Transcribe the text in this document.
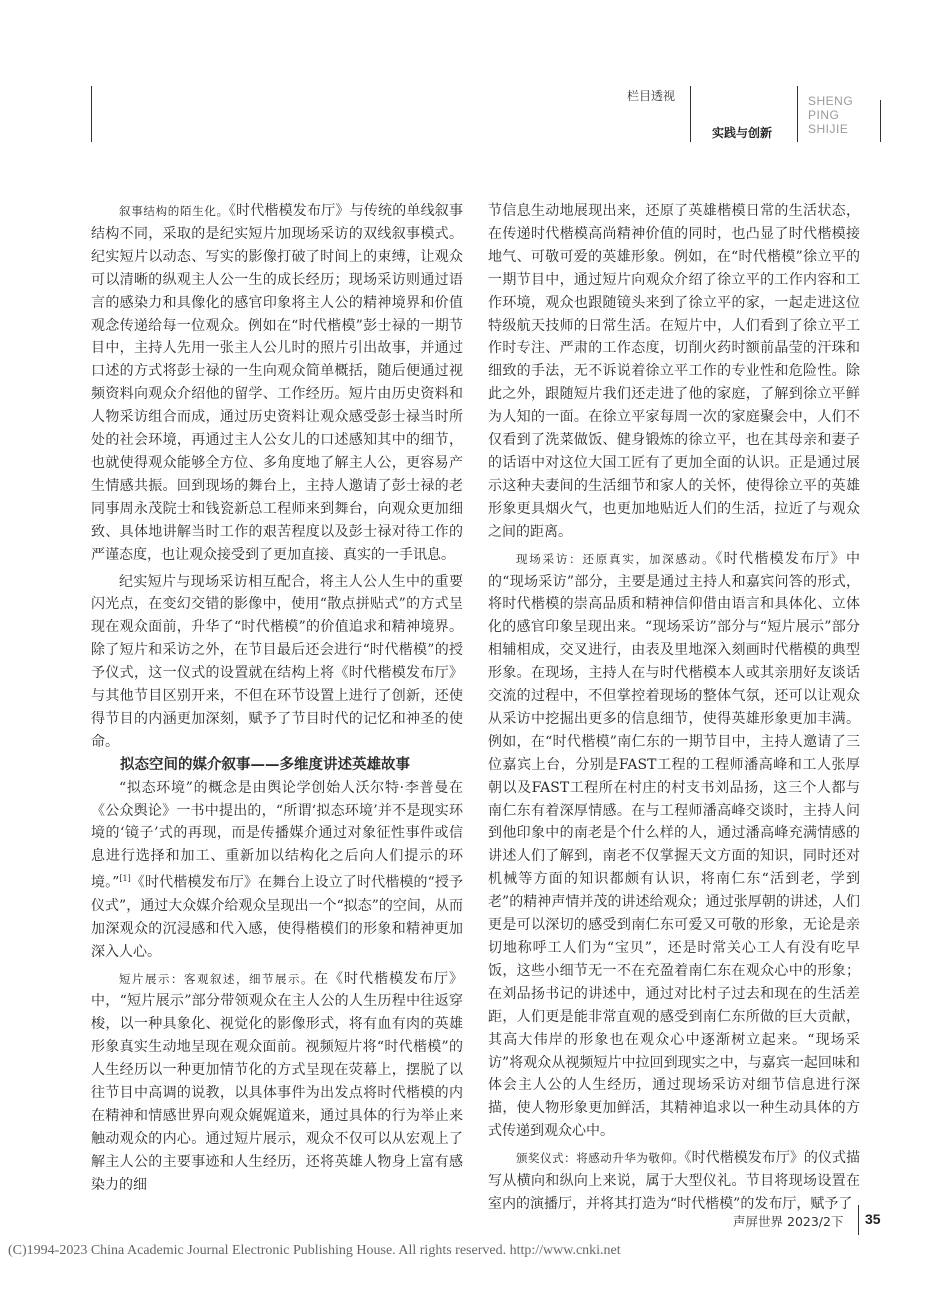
栏目透视
实践与创新
SHENG
PING
SHIJIE

叙事结构的陌生化。《时代楷模发布厅》与传统的单线叙事结构不同，采取的是纪实短片加现场采访的双线叙事模式。纪实短片以动态、写实的影像打破了时间上的束缚，让观众可以清晰的纵观主人公一生的成长经历；现场采访则通过语言的感染力和具像化的感官印象将主人公的精神境界和价值观念传递给每一位观众。例如在“时代楷模”彭士禄的一期节目中，主持人先用一张主人公儿时的照片引出故事，并通过口述的方式将彭士禄的一生向观众简单概括，随后便通过视频资料向观众介绍他的留学、工作经历。短片由历史资料和人物采访组合而成，通过历史资料让观众感受彭士禄当时所处的社会环境，再通过主人公女儿的口述感知其中的细节，也就使得观众能够全方位、多角度地了解主人公，更容易产生情感共振。回到现场的舞台上，主持人邀请了彭士禄的老同事周永茂院士和钱瓷新总工程师来到舞台，向观众更加细致、具体地讲解当时工作的艰苦程度以及彭士禄对待工作的严谨态度，也让观众接受到了更加直接、真实的一手讯息。

纪实短片与现场采访相互配合，将主人公人生中的重要闪光点，在变幻交错的影像中，使用“散点拼贴式”的方式呈现在观众面前，升华了“时代楷模”的价值追求和精神境界。除了短片和采访之外，在节目最后还会进行“时代楷模”的授予仪式，这一仪式的设置就在结构上将《时代楷模发布厅》与其他节目区别开来，不但在环节设置上进行了创新，还使得节目的内涵更加深刻，赋予了节目时代的记忆和神圣的使命。

拟态空间的媒介叙事——多维度讲述英雄故事

“拟态环境”的概念是由舆论学创始人沃尔特·李普曼在《公众舆论》一书中提出的，“所谓‘拟态环境’并不是现实环境的‘镜子’式的再现，而是传播媒介通过对象征性事件或信息进行选择和加工、重新加以结构化之后向人们提示的环境。”[1]《时代楷模发布厅》在舞台上设立了时代楷模的“授予仪式”，通过大众媒介给观众呈现出一个“拟态”的空间，从而加深观众的沉浸感和代入感，使得楷模们的形象和精神更加深入人心。

短片展示：客观叙述，细节展示。在《时代楷模发布厅》中，“短片展示”部分带领观众在主人公的人生历程中往返穿梭，以一种具象化、视觉化的影像形式，将有血有肉的英雄形象真实生动地呈现在观众面前。视频短片将“时代楷模”的人生经历以一种更加情节化的方式呈现在荧幕上，摆脱了以往节目中高调的说教，以具体事件为出发点将时代楷模的内在精神和情感世界向观众娓娓道来，通过具体的行为举止来触动观众的内心。通过短片展示，观众不仅可以从宏观上了解主人公的主要事迹和人生经历，还将英雄人物身上富有感染力的细

节信息生动地展现出来，还原了英雄楷模日常的生活状态，在传递时代楷模高尚精神价值的同时，也凸显了时代楷模接地气、可敬可爱的英雄形象。例如，在“时代楷模”徐立平的一期节目中，通过短片向观众介绍了徐立平的工作内容和工作环境，观众也跟随镜头来到了徐立平的家，一起走进这位特级航天技师的日常生活。在短片中，人们看到了徐立平工作时专注、严肃的工作态度，切削火药时额前晶莹的汗珠和细致的手法，无不诉说着徐立平工作的专业性和危险性。除此之外，跟随短片我们还走进了他的家庭，了解到徐立平鲜为人知的一面。在徐立平家每周一次的家庭聚会中，人们不仅看到了洗菜做饭、健身锻炼的徐立平，也在其母亲和妻子的话语中对这位大国工匠有了更加全面的认识。正是通过展示这种夫妻间的生活细节和家人的关怀，使得徐立平的英雄形象更具烟火气，也更加地贴近人们的生活，拉近了与观众之间的距离。

现场采访：还原真实，加深感动。《时代楷模发布厅》中的“现场采访”部分，主要是通过主持人和嘉宾问答的形式，将时代楷模的崇高品质和精神信仰借由语言和具体化、立体化的感官印象呈现出来。“现场采访”部分与“短片展示”部分相辅相成，交叉进行，由表及里地深入刻画时代楷模的典型形象。在现场，主持人在与时代楷模本人或其亲朋好友谈话交流的过程中，不但掌控着现场的整体气氛，还可以让观众从采访中挖掘出更多的信息细节，使得英雄形象更加丰满。例如，在“时代楷模”南仁东的一期节目中，主持人邀请了三位嘉宾上台，分别是FAST工程的工程师潘高峰和工人张厚朝以及FAST工程所在村庄的村支书刘品扬，这三个人都与南仁东有着深厚情感。在与工程师潘高峰交谈时，主持人问到他印象中的南老是个什么样的人，通过潘高峰充满情感的讲述人们了解到，南老不仅掌握天文方面的知识，同时还对机械等方面的知识都颇有认识，将南仁东“活到老，学到老”的精神声情并茂的讲述给观众；通过张厚朝的讲述，人们更是可以深切的感受到南仁东可爱又可敬的形象，无论是亲切地称呼工人们为“宝贝”，还是时常关心工人有没有吃早饭，这些小细节无一不在充盈着南仁东在观众心中的形象；在刘品扬书记的讲述中，通过对比村子过去和现在的生活差距，人们更是能非常直观的感受到南仁东所做的巨大贡献，其高大伟岸的形象也在观众心中逐渐树立起来。“现场采访”将观众从视频短片中拉回到现实之中，与嘉宾一起回味和体会主人公的人生经历，通过现场采访对细节信息进行深描，使人物形象更加鲜活，其精神追求以一种生动具体的方式传递到观众心中。

颁奖仪式：将感动升华为敬仰。《时代楷模发布厅》的仪式描写从横向和纵向上来说，属于大型仪礼。节目将现场设置在室内的演播厅，并将其打造为“时代楷模”的发布厅，赋予了

声屏世界 2023/2下 35
(C)1994-2023 China Academic Journal Electronic Publishing House. All rights reserved. http://www.cnki.net
